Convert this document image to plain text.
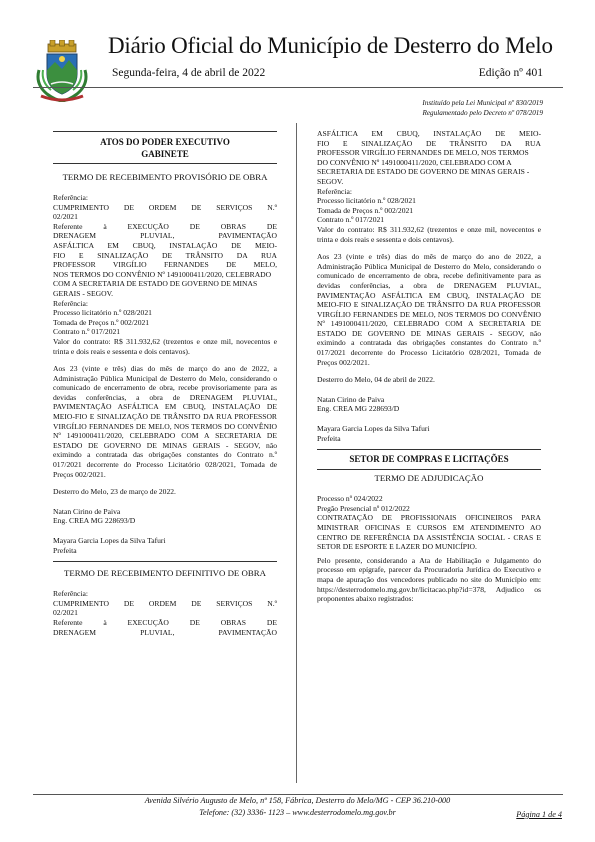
Diário Oficial do Município de Desterro do Melo
Segunda-feira, 4 de abril de 2022	Edição nº 401
Instituído pela Lei Municipal nº 830/2019
Regulamentado pelo Decreto nº 078/2019
ATOS DO PODER EXECUTIVO
GABINETE
TERMO DE RECEBIMENTO PROVISÓRIO DE OBRA

Referência:

CUMPRIMENTO DE ORDEM DE SERVIÇOS N.º

02/2021

Referente à EXECUÇÃO DE OBRAS DE

DRENAGEM PLUVIAL, PAVIMENTAÇÃO

ASFÁLTICA EM CBUQ, INSTALAÇÃO DE MEIO-

FIO E SINALIZAÇÃO DE TRÂNSITO DA RUA

PROFESSOR VIRGÍLIO FERNANDES DE MELO,

NOS TERMOS DO CONVÊNIO Nº 1491000411/2020, CELEBRADO COM A SECRETARIA DE ESTADO DE GOVERNO DE MINAS GERAIS - SEGOV.

Referência:

Processo licitatório n.º 028/2021

Tomada de Preços n.º 002/2021

Contrato n.º 017/2021

Valor do contrato: R$ 311.932,62 (trezentos e onze mil, novecentos e trinta e dois reais e sessenta e dois centavos).

Aos 23 (vinte e três) dias do mês de março do ano de 2022, a Administração Pública Municipal de Desterro do Melo, considerando o comunicado de encerramento de obra, recebe provisoriamente para as devidas conferências, a obra de DRENAGEM PLUVIAL, PAVIMENTAÇÃO ASFÁLTICA EM CBUQ, INSTALAÇÃO DE MEIO-FIO E SINALIZAÇÃO DE TRÂNSITO DA RUA PROFESSOR VIRGÍLIO FERNANDES DE MELO, NOS TERMOS DO CONVÊNIO Nº 1491000411/2020, CELEBRADO COM A SECRETARIA DE ESTADO DE GOVERNO DE MINAS GERAIS - SEGOV, não eximindo a contratada das obrigações constantes do Contrato n.º 017/2021 decorrente do Processo Licitatório 028/2021, Tomada de Preços 002/2021.

Desterro do Melo, 23 de março de 2022.

Natan Cirino de Paiva

Eng. CREA MG 228693/D

Mayara Garcia Lopes da Silva Tafuri

Prefeita

TERMO DE RECEBIMENTO DEFINITIVO DE OBRA

Referência:

CUMPRIMENTO DE ORDEM DE SERVIÇOS N.º

02/2021

Referente à EXECUÇÃO DE OBRAS DE

DRENAGEM PLUVIAL, PAVIMENTAÇÃO

ASFÁLTICA EM CBUQ, INSTALAÇÃO DE MEIO-

FIO E SINALIZAÇÃO DE TRÂNSITO DA RUA

PROFESSOR VIRGÍLIO FERNANDES DE MELO, NOS TERMOS DO CONVÊNIO Nº 1491000411/2020, CELEBRADO COM A SECRETARIA DE ESTADO DE GOVERNO DE MINAS GERAIS - SEGOV.

Referência:

Processo licitatório n.º 028/2021

Tomada de Preços n.º 002/2021

Contrato n.º 017/2021

Valor do contrato: R$ 311.932,62 (trezentos e onze mil, novecentos e trinta e dois reais e sessenta e dois centavos).

Aos 23 (vinte e três) dias do mês de março do ano de 2022, a Administração Pública Municipal de Desterro do Melo, considerando o comunicado de encerramento de obra, recebe definitivamente para as devidas conferências, a obra de DRENAGEM PLUVIAL, PAVIMENTAÇÃO ASFÁLTICA EM CBUQ, INSTALAÇÃO DE MEIO-FIO E SINALIZAÇÃO DE TRÂNSITO DA RUA PROFESSOR VIRGÍLIO FERNANDES DE MELO, NOS TERMOS DO CONVÊNIO Nº 1491000411/2020, CELEBRADO COM A SECRETARIA DE ESTADO DE GOVERNO DE MINAS GERAIS - SEGOV, não eximindo a contratada das obrigações constantes do Contrato n.º 017/2021 decorrente do Processo Licitatório 028/2021, Tomada de Preços 002/2021.

Desterro do Melo, 04 de abril de 2022.

Natan Cirino de Paiva

Eng. CREA MG 228693/D

Mayara Garcia Lopes da Silva Tafuri

Prefeita

SETOR DE COMPRAS E LICITAÇÕES
TERMO DE ADJUDICAÇÃO

Processo nº 024/2022

Pregão Presencial nº 012/2022

CONTRATAÇÃO DE PROFISSIONAIS OFICINEIROS PARA MINISTRAR OFICINAS E CURSOS EM ATENDIMENTO AO CENTRO DE REFERÊNCIA DA ASSISTÊNCIA SOCIAL - CRAS E SETOR DE ESPORTE E LAZER DO MUNICÍPIO.

Pelo presente, considerando a Ata de Habilitação e Julgamento do processo em epígrafe, parecer da Procuradoria Jurídica do Executivo e mapa de apuração dos vencedores publicado no site do Município em: https://desterrodomelo.mg.gov.br/licitacao.php?id=378, Adjudico os proponentes abaixo registrados:

Avenida Silvério Augusto de Melo, nº 158, Fábrica, Desterro do Melo/MG - CEP 36.210-000
Telefone: (32) 3336- 1123 – www.desterrodomelo.mg.gov.br	Página 1 de 4
